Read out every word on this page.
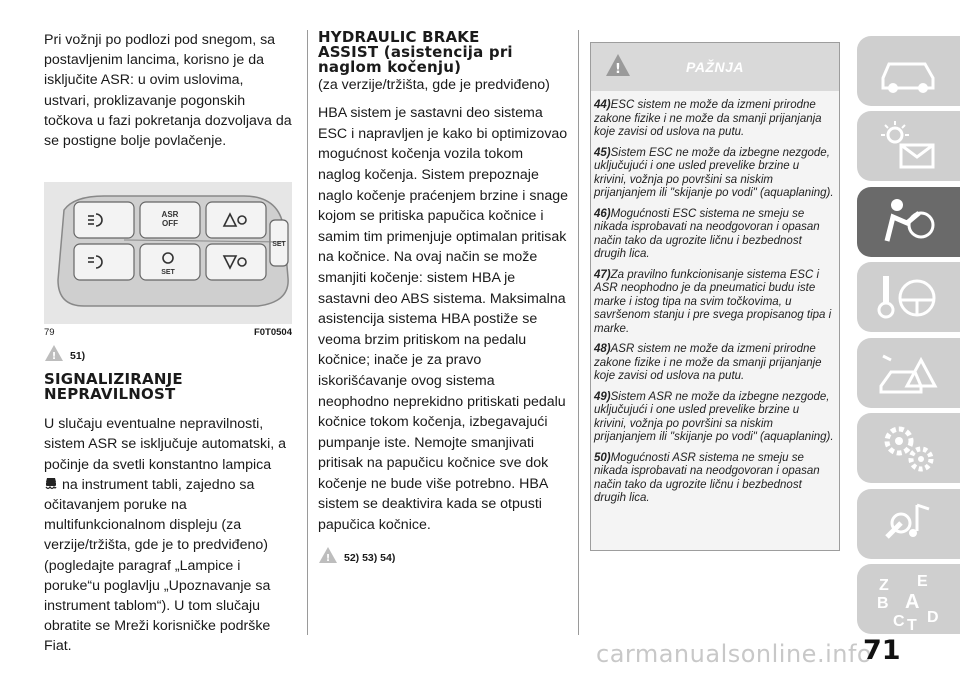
Pri vožnji po podlozi pod snegom, sa postavljenim lancima, korisno je da isključite ASR: u ovim uslovima, ustvari, proklizavanje pogonskih točkova u fazi pokretanja dozvoljava da se postigne bolje povlačenje.

ASR
OFF
SET
SET
79	F0T0504
! 51)
SIGNALIZIRANJE
NEPRAVILNOST

U slučaju eventualne nepravilnosti, sistem ASR se isključuje automatski, a počinje da svetli konstantno lampica
na instrument tabli, zajedno sa očitavanjem poruke na multifunkcionalnom displeju (za verzije/tržišta, gde je to predviđeno) (pogledajte paragraf „Lampice i poruke“u poglavlju „Upoznavanje sa instrument tablom“). U tom slučaju obratite se Mreži korisničke podrške Fiat.

HYDRAULIC BRAKE
ASSIST (asistencija pri
naglom kočenju)

(za verzije/tržišta, gde je predviđeno)

HBA sistem je sastavni deo sistema ESC i napravljen je kako bi optimizovao mogućnost kočenja vozila tokom naglog kočenja. Sistem prepoznaje naglo kočenje praćenjem brzine i snage kojom se pritiska papučica kočnice i samim tim primenjuje optimalan pritisak na kočnice. Na ovaj način se može smanjiti kočenje: sistem HBA je sastavni deo ABS sistema. Maksimalna asistencija sistema HBA postiže se veoma brzim pritiskom na pedalu kočnice; inače je za pravo iskorišćavanje ovog sistema neophodno neprekidno pritiskati pedalu kočnice tokom kočenja, izbegavajući pumpanje iste. Nemojte smanjivati pritisak na papučicu kočnice sve dok kočenje ne bude više potrebno. HBA sistem se deaktivira kada se otpusti papučica kočnice.

! 52) 53) 54)
!	PAŽNJA

44)ESC sistem ne može da izmeni prirodne zakone fizike i ne može da smanji prijanjanja koje zavisi od uslova na putu.

45)Sistem ESC ne može da izbegne nezgode, uključujući i one usled prevelike brzine u krivini, vožnja po površini sa niskim prijanjanjem ili "skijanje po vodi" (aquaplaning).

46)Mogućnosti ESC sistema ne smeju se nikada isprobavati na neodgovoran i opasan način tako da ugrozite ličnu i bezbednost drugih lica.

47)Za pravilno funkcionisanje sistema ESC i ASR neophodno je da pneumatici budu iste marke i istog tipa na svim točkovima, u savršenom stanju i pre svega propisanog tipa i marke.

48)ASR sistem ne može da izmeni prirodne zakone fizike i ne može da smanji prijanjanje koje zavisi od uslova na putu.

49)Sistem ASR ne može da izbegne nezgode, uključujući i one usled prevelike brzine u krivini, vožnja po površini sa niskim prijanjanjem ili "skijanje po vodi" (aquaplaning).

50)Mogućnosti ASR sistema ne smeju se nikada isprobavati na neodgovoran i opasan način tako da ugrozite ličnu i bezbednost drugih lica.

Z E
B A
C T D
carmanualsonline.info
71
